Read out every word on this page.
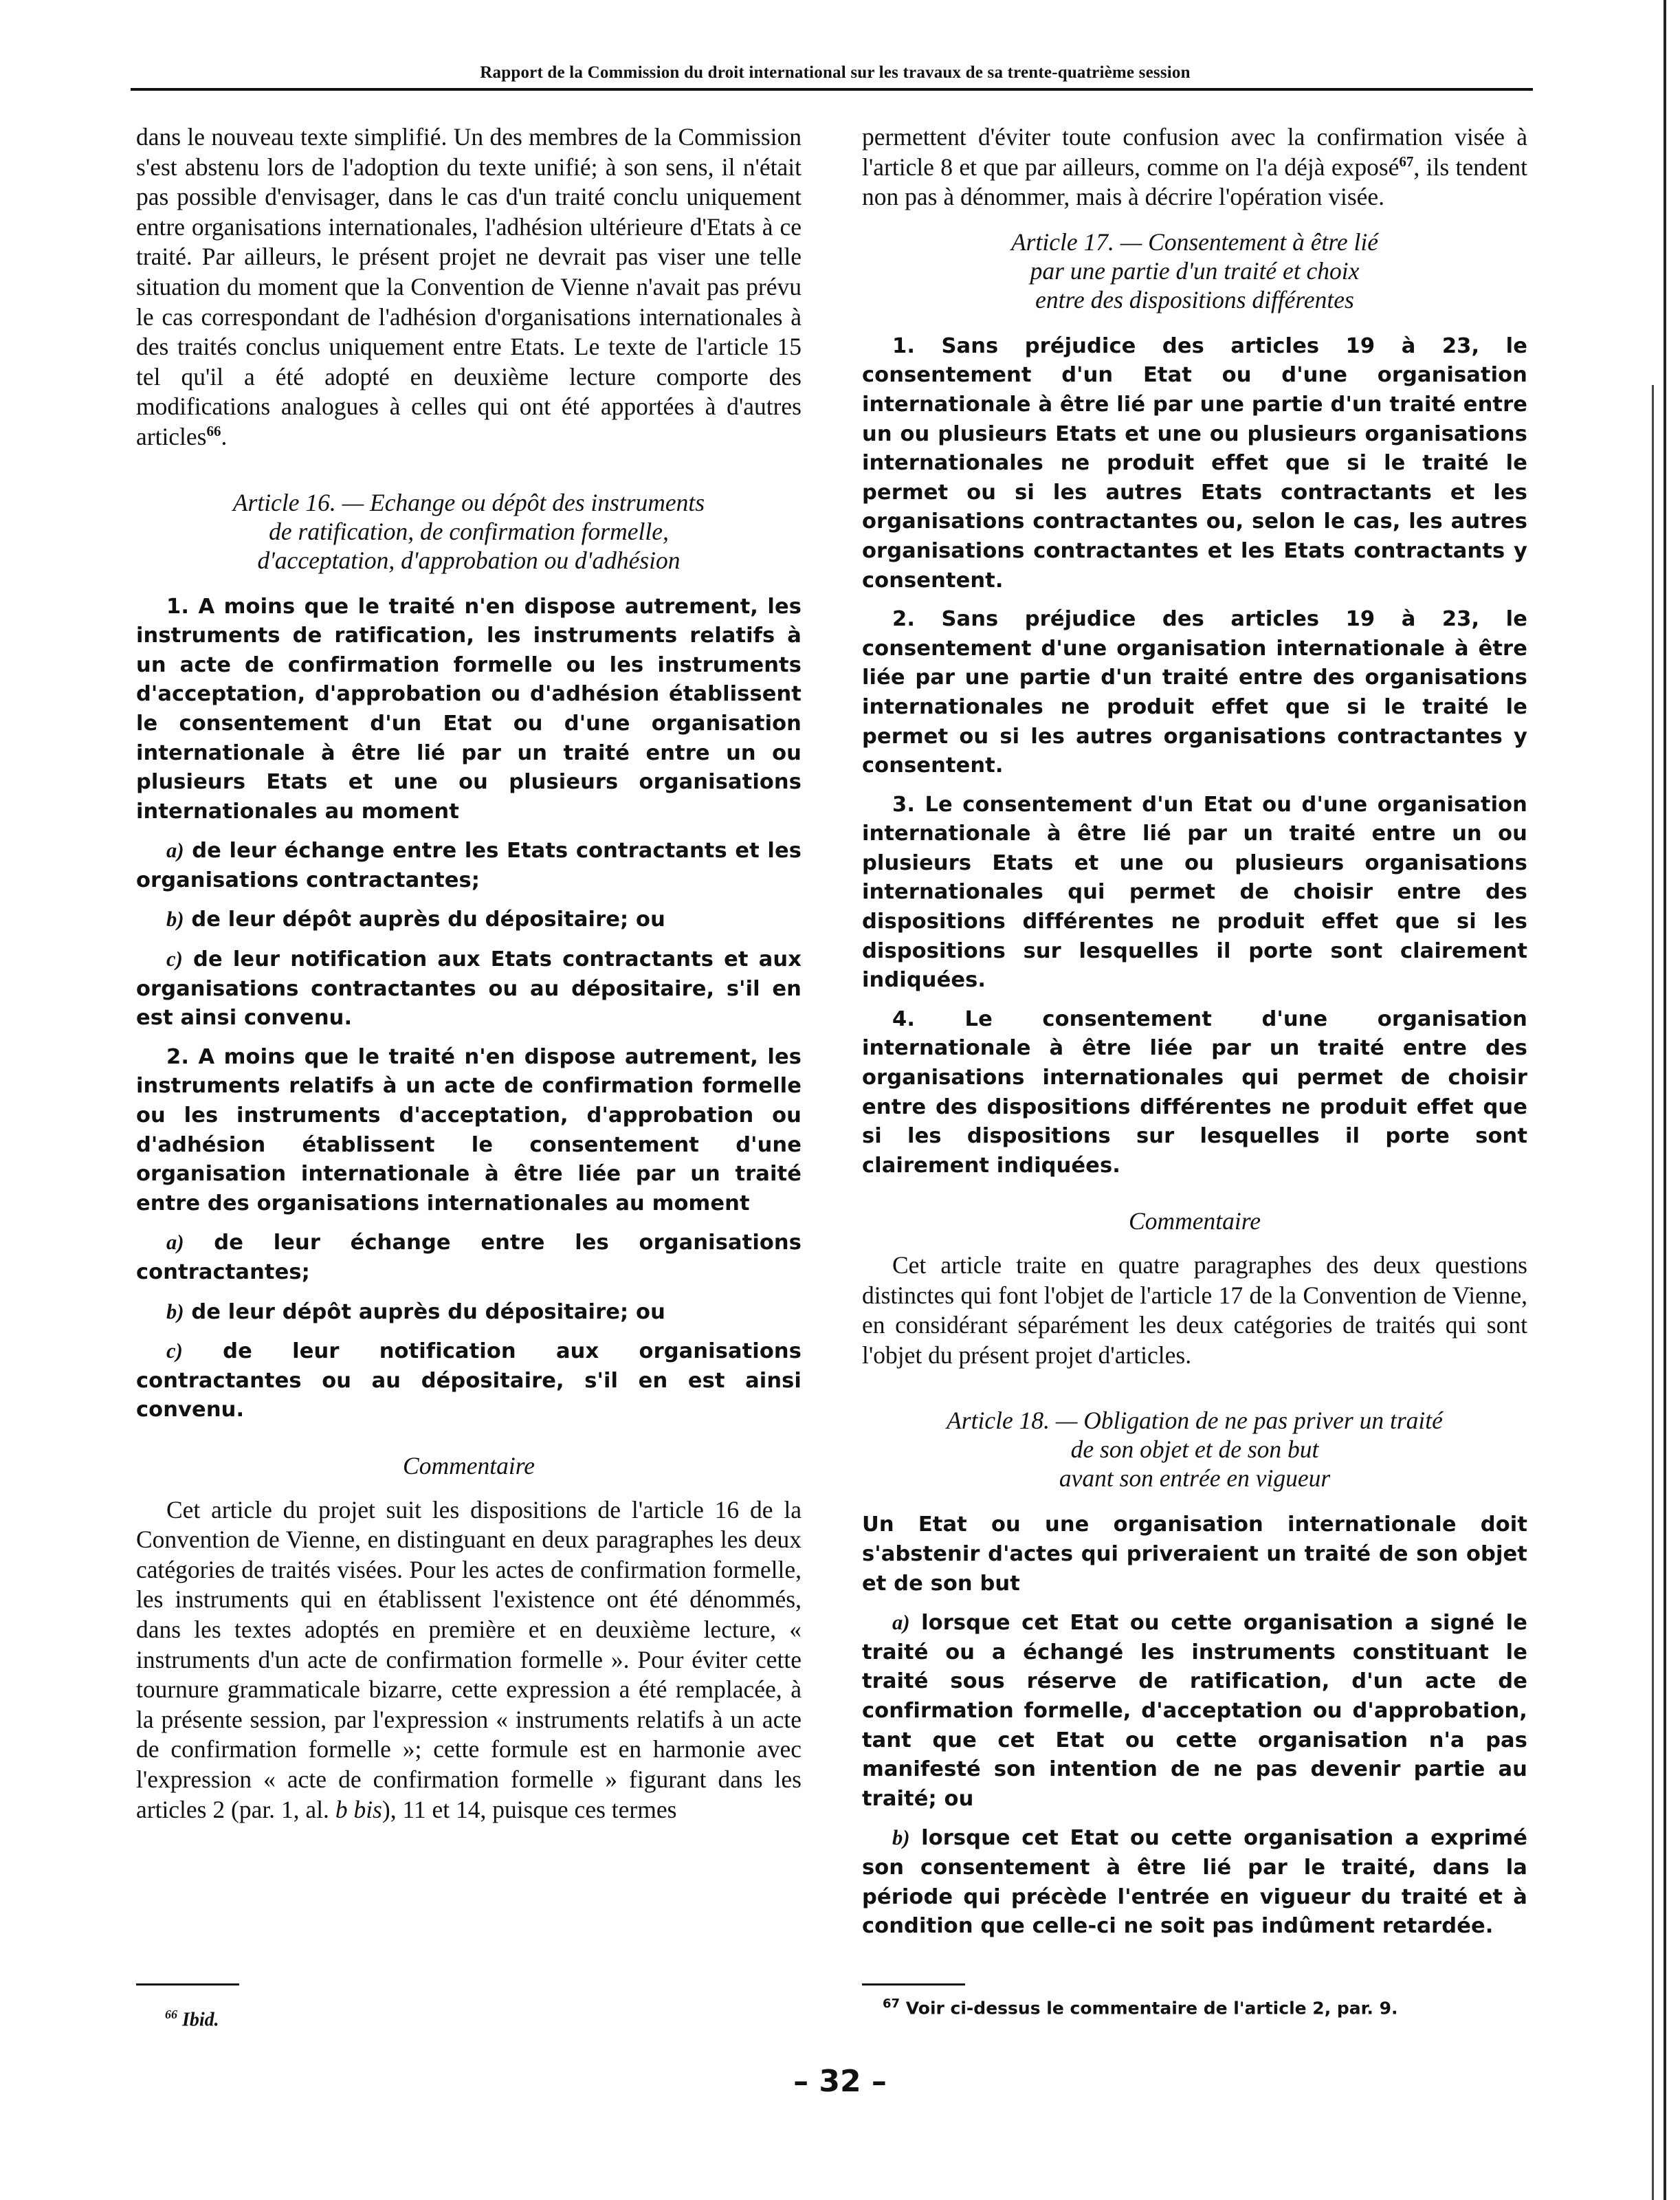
Rapport de la Commission du droit international sur les travaux de sa trente-quatrième session

dans le nouveau texte simplifié. Un des membres de la Commission s'est abstenu lors de l'adoption du texte unifié; à son sens, il n'était pas possible d'envisager, dans le cas d'un traité conclu uniquement entre organisations internationales, l'adhésion ultérieure d'Etats à ce traité. Par ailleurs, le présent projet ne devrait pas viser une telle situation du moment que la Convention de Vienne n'avait pas prévu le cas correspondant de l'adhésion d'organisations internationales à des traités conclus uniquement entre Etats. Le texte de l'article 15 tel qu'il a été adopté en deuxième lecture comporte des modifications analogues à celles qui ont été apportées à d'autres articles$^{66}$.

Article 16. — Echange ou dépôt des instruments
de ratification, de confirmation formelle,
d'acceptation, d'approbation ou d'adhésion

1. A moins que le traité n'en dispose autrement, les instruments de ratification, les instruments relatifs à un acte de confirmation formelle ou les instruments d'acceptation, d'approbation ou d'adhésion établissent le consentement d'un Etat ou d'une organisation internationale à être lié par un traité entre un ou plusieurs Etats et une ou plusieurs organisations internationales au moment

a) de leur échange entre les Etats contractants et les organisations contractantes;

b) de leur dépôt auprès du dépositaire; ou

c) de leur notification aux Etats contractants et aux organisations contractantes ou au dépositaire, s'il en est ainsi convenu.

2. A moins que le traité n'en dispose autrement, les instruments relatifs à un acte de confirmation formelle ou les instruments d'acceptation, d'approbation ou d'adhésion établissent le consentement d'une organisation internationale à être liée par un traité entre des organisations internationales au moment

a) de leur échange entre les organisations contractantes;

b) de leur dépôt auprès du dépositaire; ou

c) de leur notification aux organisations contractantes ou au dépositaire, s'il en est ainsi convenu.

Commentaire

Cet article du projet suit les dispositions de l'article 16 de la Convention de Vienne, en distinguant en deux paragraphes les deux catégories de traités visées. Pour les actes de confirmation formelle, les instruments qui en établissent l'existence ont été dénommés, dans les textes adoptés en première et en deuxième lecture, « instruments d'un acte de confirmation formelle ». Pour éviter cette tournure grammaticale bizarre, cette expression a été remplacée, à la présente session, par l'expression « instruments relatifs à un acte de confirmation formelle »; cette formule est en harmonie avec l'expression « acte de confirmation formelle » figurant dans les articles 2 (par. 1, al. b bis), 11 et 14, puisque ces termes

permettent d'éviter toute confusion avec la confirmation visée à l'article 8 et que par ailleurs, comme on l'a déjà exposé$^{67}$, ils tendent non pas à dénommer, mais à décrire l'opération visée.

Article 17. — Consentement à être lié
par une partie d'un traité et choix
entre des dispositions différentes

1. Sans préjudice des articles 19 à 23, le consentement d'un Etat ou d'une organisation internationale à être lié par une partie d'un traité entre un ou plusieurs Etats et une ou plusieurs organisations internationales ne produit effet que si le traité le permet ou si les autres Etats contractants et les organisations contractantes ou, selon le cas, les autres organisations contractantes et les Etats contractants y consentent.

2. Sans préjudice des articles 19 à 23, le consentement d'une organisation internationale à être liée par une partie d'un traité entre des organisations internationales ne produit effet que si le traité le permet ou si les autres organisations contractantes y consentent.

3. Le consentement d'un Etat ou d'une organisation internationale à être lié par un traité entre un ou plusieurs Etats et une ou plusieurs organisations internationales qui permet de choisir entre des dispositions différentes ne produit effet que si les dispositions sur lesquelles il porte sont clairement indiquées.

4. Le consentement d'une organisation internationale à être liée par un traité entre des organisations internationales qui permet de choisir entre des dispositions différentes ne produit effet que si les dispositions sur lesquelles il porte sont clairement indiquées.

Commentaire

Cet article traite en quatre paragraphes des deux questions distinctes qui font l'objet de l'article 17 de la Convention de Vienne, en considérant séparément les deux catégories de traités qui sont l'objet du présent projet d'articles.

Article 18. — Obligation de ne pas priver un traité
de son objet et de son but
avant son entrée en vigueur

Un Etat ou une organisation internationale doit s'abstenir d'actes qui priveraient un traité de son objet et de son but

a) lorsque cet Etat ou cette organisation a signé le traité ou a échangé les instruments constituant le traité sous réserve de ratification, d'un acte de confirmation formelle, d'acceptation ou d'approbation, tant que cet Etat ou cette organisation n'a pas manifesté son intention de ne pas devenir partie au traité; ou

b) lorsque cet Etat ou cette organisation a exprimé son consentement à être lié par le traité, dans la période qui précède l'entrée en vigueur du traité et à condition que celle-ci ne soit pas indûment retardée.

$^{66}$ Ibid.
$^{67}$ Voir ci-dessus le commentaire de l'article 2, par. 9.
– 32 –
